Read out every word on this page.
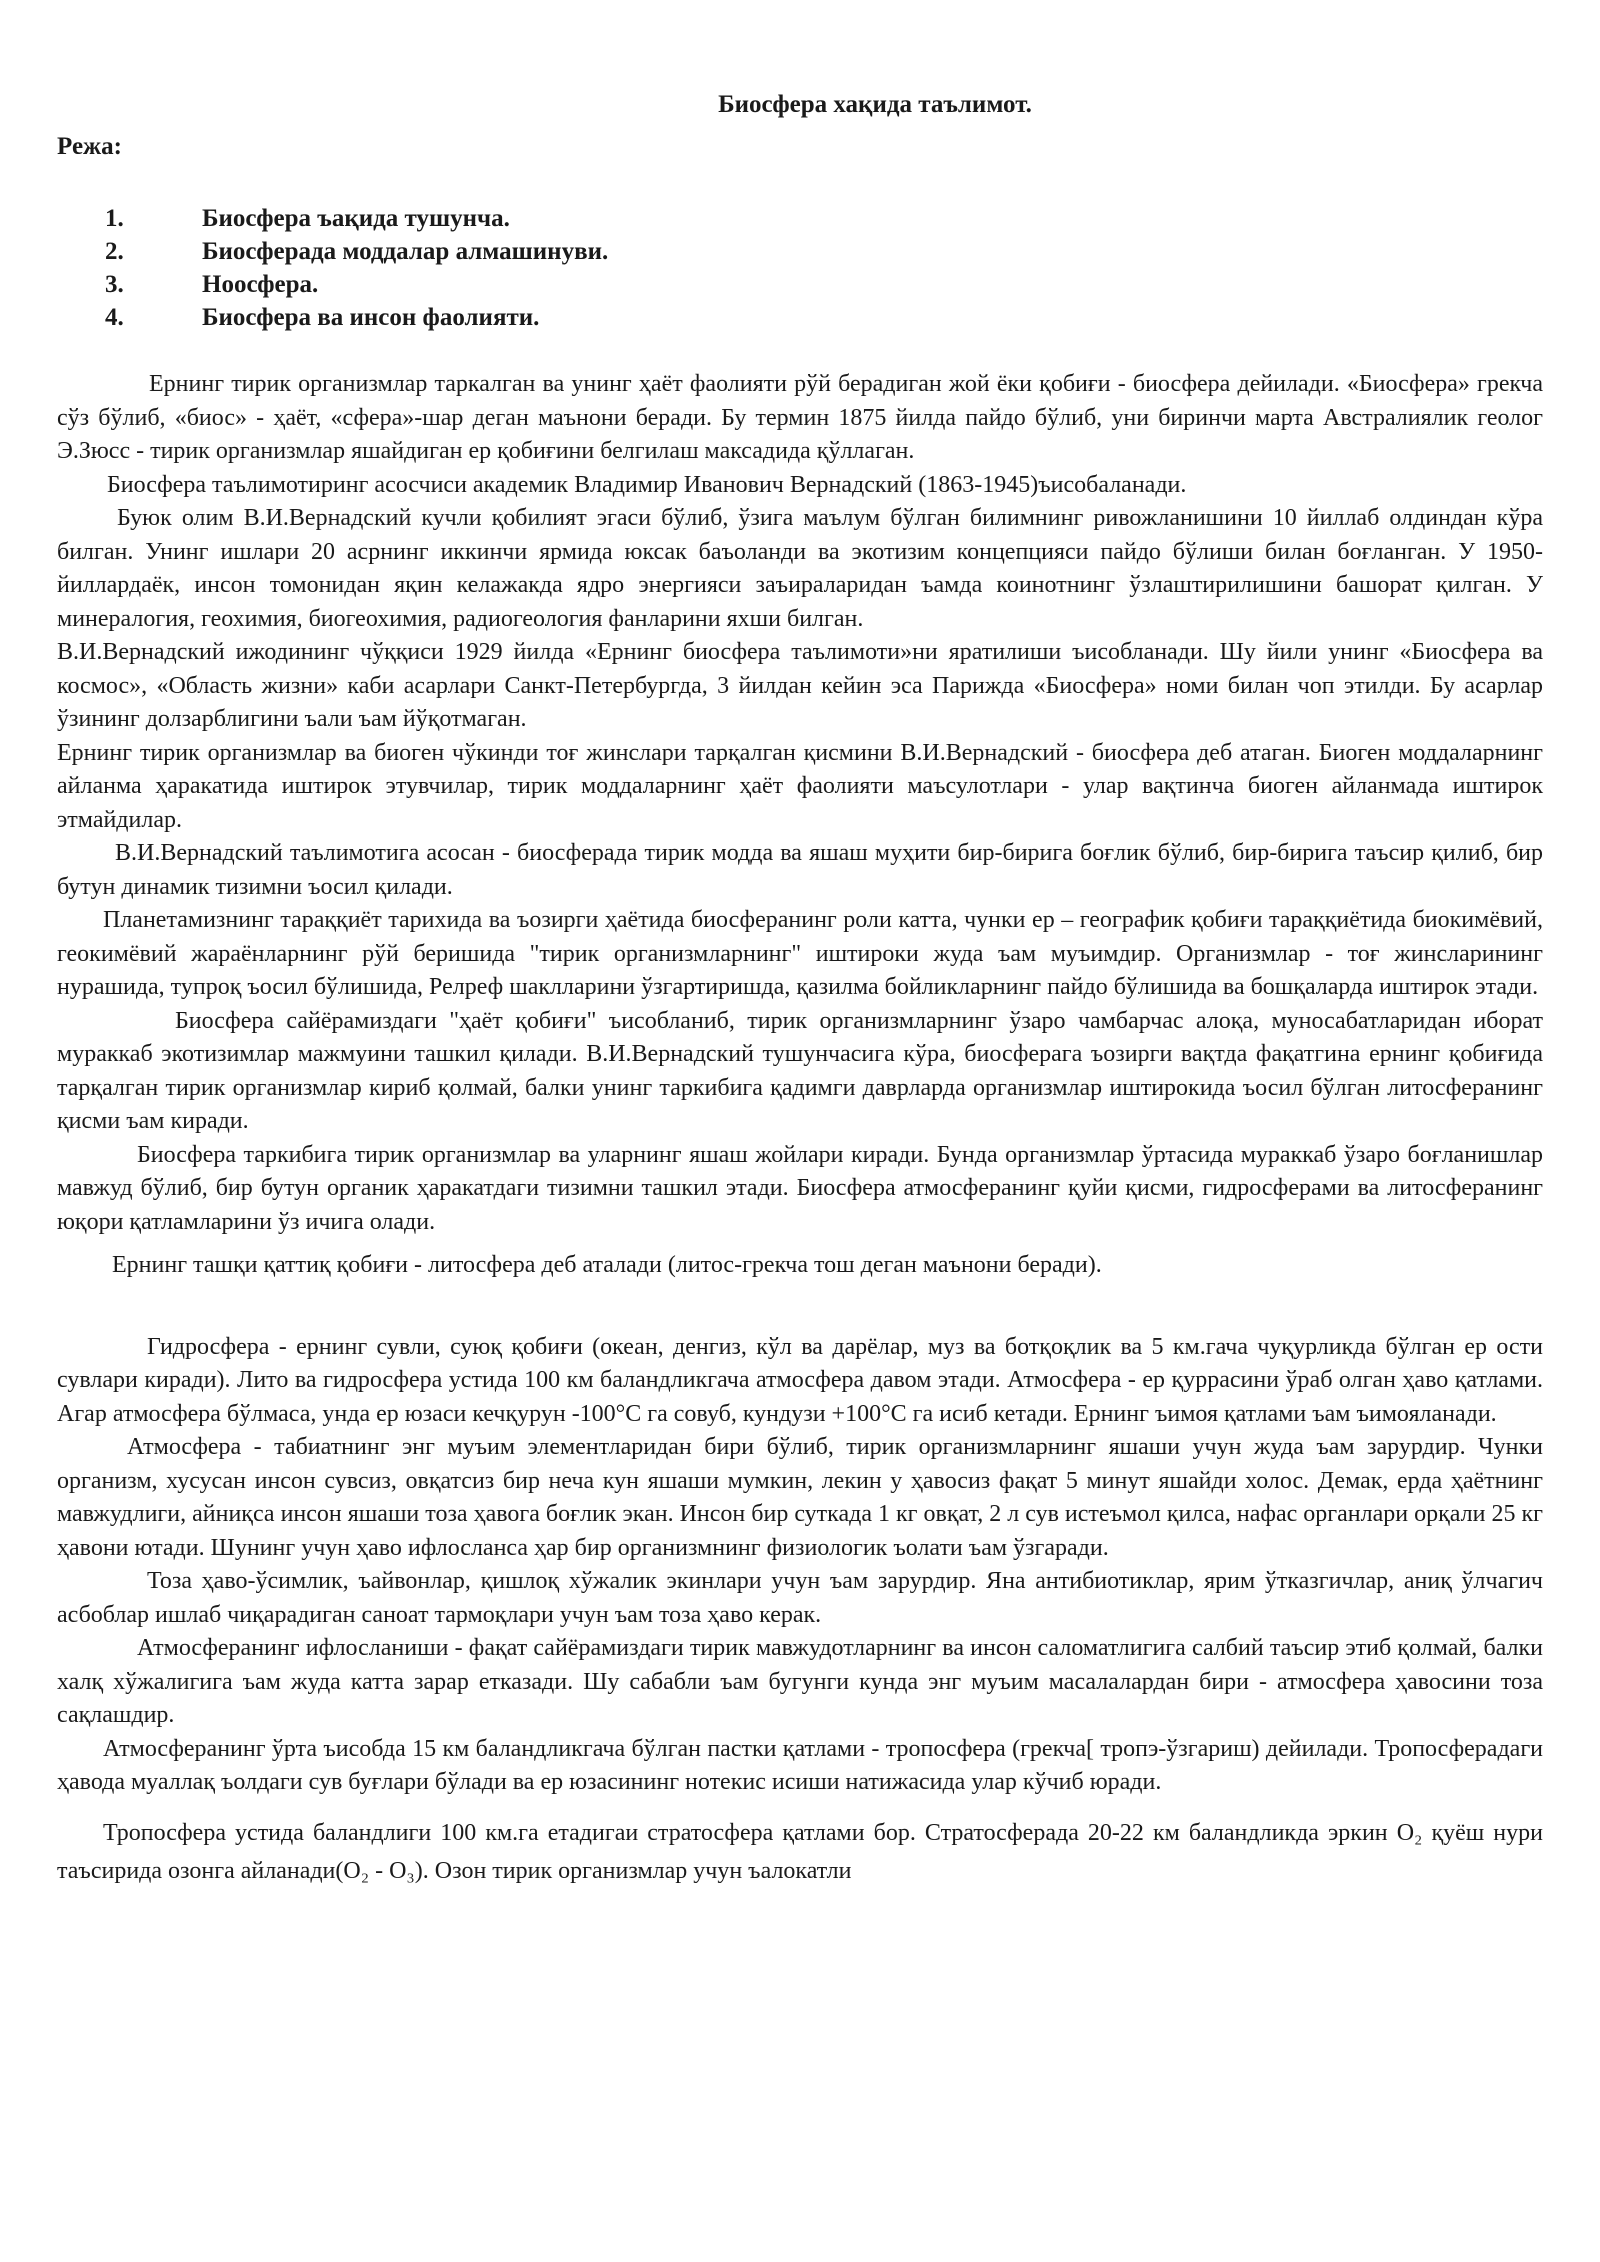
Биосфера хақида таълимот.
Режа:
1.	Биосфера ъақида тушунча.
2.	Биосферада моддалар алмашинуви.
3.	Ноосфера.
4.	Биосфера ва инсон фаолияти.

Ернинг тирик организмлар таркалган ва унинг ҳаёт фаолияти рўй берадиган жой ёки қобиғи - биосфера дейилади. «Биосфера» грекча сўз бўлиб, «биос» - ҳаёт, «сфера»-шар деган маънони беради. Бу термин 1875 йилда пайдо бўлиб, уни биринчи марта Австралиялик геолог Э.Зюсс - тирик организмлар яшайдиган ер қобиғини белгилаш максадида қўллаган.

Биосфера таълимотиринг асосчиси академик Владимир Иванович Вернадский (1863-1945)ъисобаланади.

Буюк олим В.И.Вернадский кучли қобилият эгаси бўлиб, ўзига маълум бўлган билимнинг ривожланишини 10 йиллаб олдиндан кўра билган. Унинг ишлари 20 асрнинг иккинчи ярмида юксак баъоланди ва экотизим концепцияси пайдо бўлиши билан боғланган. У 1950-йиллардаёк, инсон томонидан яқин келажакда ядро энергияси заъираларидан ъамда коинотнинг ўзлаштирилишини башорат қилган. У минералогия, геохимия, биогеохимия, радиогеология фанларини яхши билган.

В.И.Вернадский ижодининг чўққиси 1929 йилда «Ернинг биосфера таълимоти»ни яратилиши ъисобланади. Шу йили унинг «Биосфера ва космос», «Область жизни» каби асарлари Санкт-Петербургда, 3 йилдан кейин эса Парижда «Биосфера» номи билан чоп этилди. Бу асарлар ўзининг долзарблигини ъали ъам йўқотмаган.

Ернинг тирик организмлар ва биоген чўкинди тоғ жинслари тарқалган қисмини В.И.Вернадский - биосфера деб атаган. Биоген моддаларнинг айланма ҳаракатида иштирок этувчилар, тирик моддаларнинг ҳаёт фаолияти маъсулотлари - улар вақтинча биоген айланмада иштирок этмайдилар.

В.И.Вернадский таълимотига асосан - биосферада тирик модда ва яшаш муҳити бир-бирига боғлик бўлиб, бир-бирига таъсир қилиб, бир бутун динамик тизимни ъосил қилади.

Планетамизнинг тараққиёт тарихида ва ъозирги ҳаётида биосферанинг роли катта, чунки ер – географик қобиғи тараққиётида биокимёвий, геокимёвий жараёнларнинг рўй беришида "тирик организмларнинг" иштироки жуда ъам муъимдир. Организмлар - тоғ жинсларининг нурашида, тупроқ ъосил бўлишида, Релреф шаклларини ўзгартиришда, қазилма бойликларнинг пайдо бўлишида ва бошқаларда иштирок этади.

Биосфера сайёрамиздаги "ҳаёт қобиғи" ъисобланиб, тирик организмларнинг ўзаро чамбарчас алоқа, муносабатларидан иборат мураккаб экотизимлар мажмуини ташкил қилади. В.И.Вернадский тушунчасига кўра, биосферага ъозирги вақтда фақатгина ернинг қобиғида тарқалган тирик организмлар кириб қолмай, балки унинг таркибига қадимги даврларда организмлар иштирокида ъосил бўлган литосферанинг қисми ъам киради.

Биосфера таркибига тирик организмлар ва уларнинг яшаш жойлари киради. Бунда организмлар ўртасида мураккаб ўзаро боғланишлар мавжуд бўлиб, бир бутун органик ҳаракатдаги тизимни ташкил этади. Биосфера атмосферанинг қуйи қисми, гидросферами ва литосферанинг юқори қатламларини ўз ичига олади.

Ернинг ташқи қаттиқ қобиғи - литосфера деб аталади (литос-грекча тош деган маънони беради).

Гидросфера - ернинг сувли, суюқ қобиғи (океан, денгиз, кўл ва дарёлар, муз ва ботқоқлик ва 5 км.гача чуқурликда бўлган ер ости сувлари киради). Лито ва гидросфера устида 100 км баландликгача атмосфера давом этади. Атмосфера - ер қуррасини ўраб олган ҳаво қатлами. Агар атмосфера бўлмаса, унда ер юзаси кечқурун -100°С га совуб, кундузи +100°С га исиб кетади. Ернинг ъимоя қатлами ъам ъимояланади.

Атмосфера - табиатнинг энг муъим элементларидан бири бўлиб, тирик организмларнинг яшаши учун жуда ъам зарурдир. Чунки организм, хусусан инсон сувсиз, овқатсиз бир неча кун яшаши мумкин, лекин у ҳавосиз фақат 5 минут яшайди холос. Демак, ерда ҳаётнинг мавжудлиги, айниқса инсон яшаши тоза ҳавога боғлик экан. Инсон бир суткада 1 кг овқат, 2 л сув истеъмол қилса, нафас органлари орқали 25 кг ҳавони ютади. Шунинг учун ҳаво ифлосланса ҳар бир организмнинг физиологик ъолати ъам ўзгаради.

Тоза ҳаво-ўсимлик, ъайвонлар, қишлоқ хўжалик экинлари учун ъам зарурдир. Яна антибиотиклар, ярим ўтказгичлар, аниқ ўлчагич асбоблар ишлаб чиқарадиган саноат тармоқлари учун ъам тоза ҳаво керак.

Атмосферанинг ифлосланиши - фақат сайёрамиздаги тирик мавжудотларнинг ва инсон саломатлигига салбий таъсир этиб қолмай, балки халқ хўжалигига ъам жуда катта зарар етказади. Шу сабабли ъам бугунги кунда энг муъим масалалардан бири - атмосфера ҳавосини тоза сақлашдир.

Атмосферанинг ўрта ъисобда 15 км баландликгача бўлган пастки қатлами - тропосфера (грекча[ тропэ-ўзгариш) дейилади. Тропосферадаги ҳавода муаллақ ъолдаги сув буғлари бўлади ва ер юзасининг нотекис исиши натижасида улар кўчиб юради.

Тропосфера устида баландлиги 100 км.га етадигаи стратосфера қатлами бор. Стратосферада 20-22 км баландликда эркин O₂ қуёш нури таъсирида озонга айланади(O₂ - O₃). Озон тирик организмлар учун ъалокатли
